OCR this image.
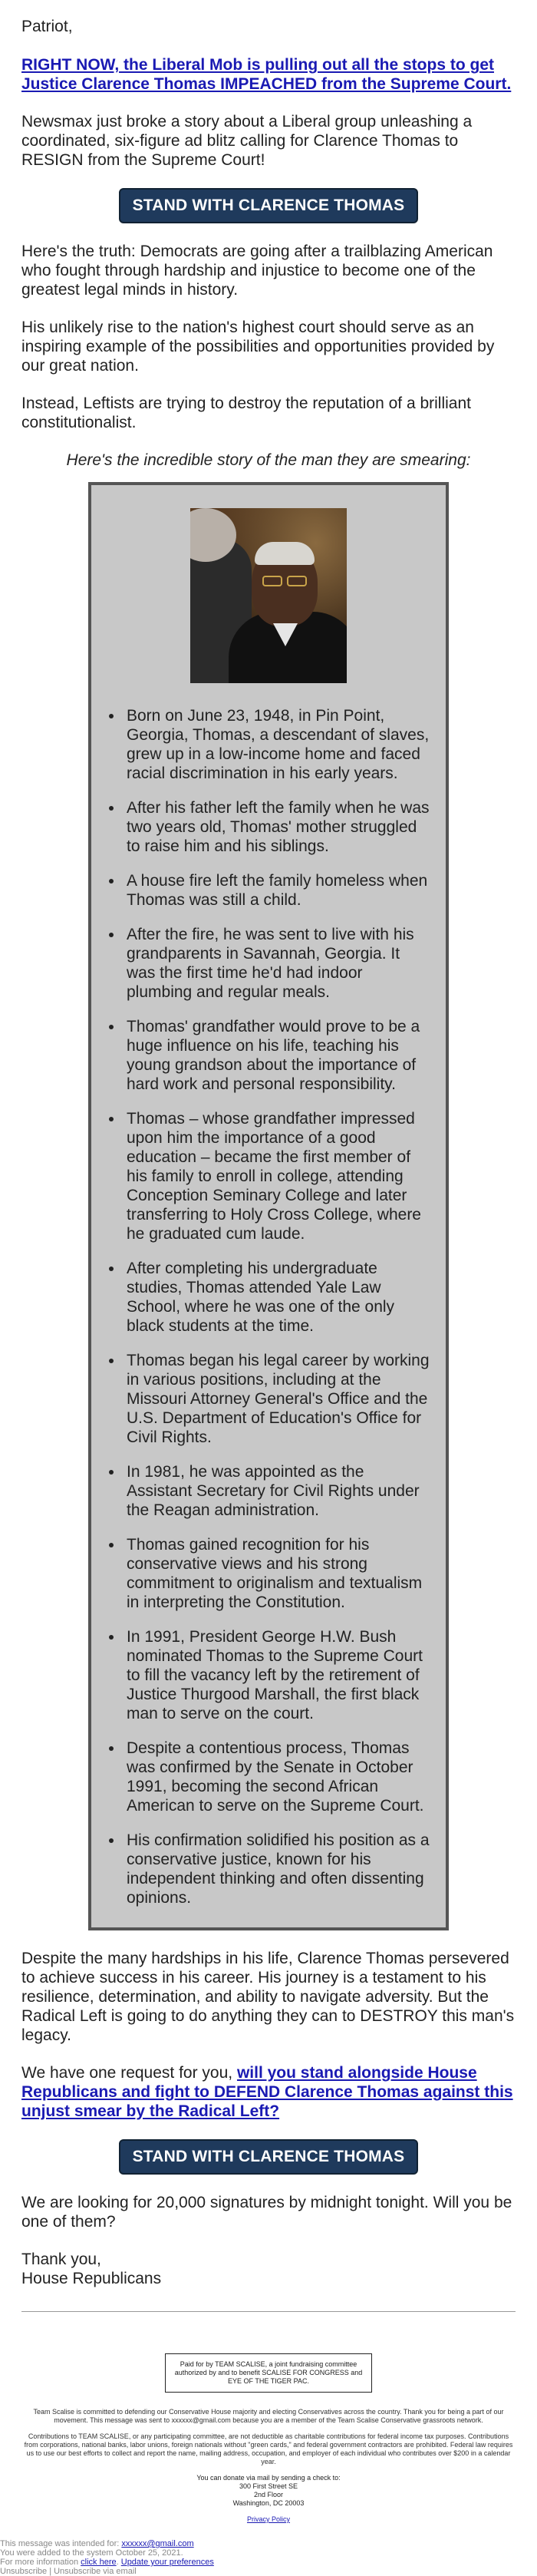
Patriot,

RIGHT NOW, the Liberal Mob is pulling out all the stops to get Justice Clarence Thomas IMPEACHED from the Supreme Court.

Newsmax just broke a story about a Liberal group unleashing a coordinated, six-figure ad blitz calling for Clarence Thomas to RESIGN from the Supreme Court!

STAND WITH CLARENCE THOMAS

Here's the truth: Democrats are going after a trailblazing American who fought through hardship and injustice to become one of the greatest legal minds in history.

His unlikely rise to the nation's highest court should serve as an inspiring example of the possibilities and opportunities provided by our great nation.

Instead, Leftists are trying to destroy the reputation of a brilliant constitutionalist.

Here's the incredible story of the man they are smearing:

• Born on June 23, 1948, in Pin Point, Georgia, Thomas, a descendant of slaves, grew up in a low-income home and faced racial discrimination in his early years.
• After his father left the family when he was two years old, Thomas' mother struggled to raise him and his siblings.
• A house fire left the family homeless when Thomas was still a child.
• After the fire, he was sent to live with his grandparents in Savannah, Georgia. It was the first time he'd had indoor plumbing and regular meals.
• Thomas' grandfather would prove to be a huge influence on his life, teaching his young grandson about the importance of hard work and personal responsibility.
• Thomas – whose grandfather impressed upon him the importance of a good education – became the first member of his family to enroll in college, attending Conception Seminary College and later transferring to Holy Cross College, where he graduated cum laude.
• After completing his undergraduate studies, Thomas attended Yale Law School, where he was one of the only black students at the time.
• Thomas began his legal career by working in various positions, including at the Missouri Attorney General's Office and the U.S. Department of Education's Office for Civil Rights.
• In 1981, he was appointed as the Assistant Secretary for Civil Rights under the Reagan administration.
• Thomas gained recognition for his conservative views and his strong commitment to originalism and textualism in interpreting the Constitution.
• In 1991, President George H.W. Bush nominated Thomas to the Supreme Court to fill the vacancy left by the retirement of Justice Thurgood Marshall, the first black man to serve on the court.
• Despite a contentious process, Thomas was confirmed by the Senate in October 1991, becoming the second African American to serve on the Supreme Court.
• His confirmation solidified his position as a conservative justice, known for his independent thinking and often dissenting opinions.

Despite the many hardships in his life, Clarence Thomas persevered to achieve success in his career. His journey is a testament to his resilience, determination, and ability to navigate adversity. But the Radical Left is going to do anything they can to DESTROY this man's legacy.

We have one request for you, will you stand alongside House Republicans and fight to DEFEND Clarence Thomas against this unjust smear by the Radical Left?

STAND WITH CLARENCE THOMAS

We are looking for 20,000 signatures by midnight tonight. Will you be one of them?

Thank you,
House Republicans
Paid for by TEAM SCALISE, a joint fundraising committee authorized by and to benefit SCALISE FOR CONGRESS and EYE OF THE TIGER PAC.

Team Scalise is committed to defending our Conservative House majority and electing Conservatives across the country. Thank you for being a part of our movement. This message was sent to xxxxxx@gmail.com because you are a member of the Team Scalise Conservative grassroots network.

Contributions to TEAM SCALISE, or any participating committee, are not deductible as charitable contributions for federal income tax purposes. Contributions from corporations, national banks, labor unions, foreign nationals without "green cards," and federal government contractors are prohibited. Federal law requires us to use our best efforts to collect and report the name, mailing address, occupation, and employer of each individual who contributes over $200 in a calendar year.

You can donate via mail by sending a check to:
300 First Street SE
2nd Floor
Washington, DC 20003
Privacy Policy
This message was intended for: xxxxxx@gmail.com
You were added to the system October 25, 2021.
For more information click here. Update your preferences
Unsubscribe | Unsubscribe via email
